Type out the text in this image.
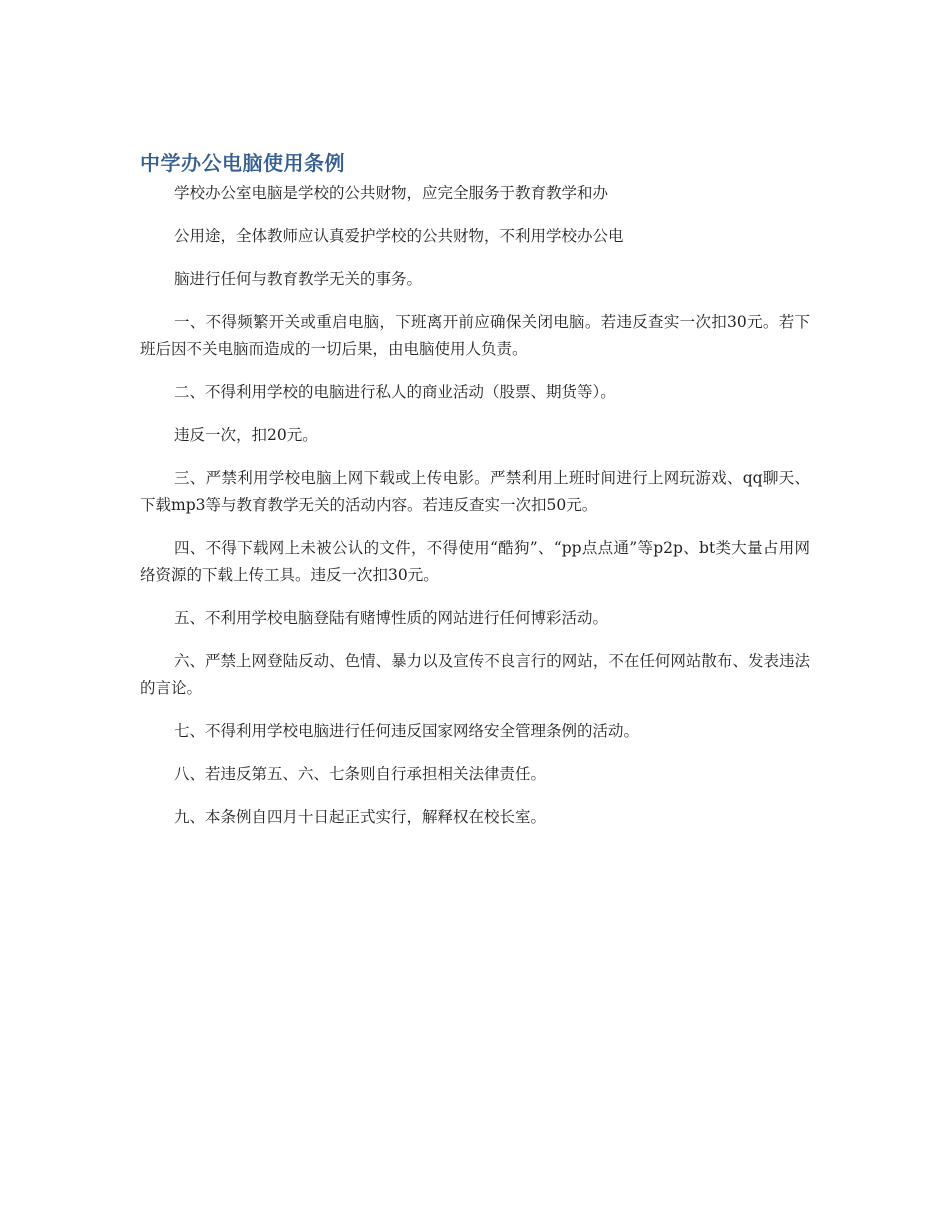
中学办公电脑使用条例

学校办公室电脑是学校的公共财物，应完全服务于教育教学和办

公用途，全体教师应认真爱护学校的公共财物，不利用学校办公电

脑进行任何与教育教学无关的事务。

一、不得频繁开关或重启电脑，下班离开前应确保关闭电脑。若违反查实一次扣30元。若下班后因不关电脑而造成的一切后果，由电脑使用人负责。

二、不得利用学校的电脑进行私人的商业活动（股票、期货等）。

违反一次，扣20元。

三、严禁利用学校电脑上网下载或上传电影。严禁利用上班时间进行上网玩游戏、qq聊天、下载mp3等与教育教学无关的活动内容。若违反查实一次扣50元。

四、不得下载网上未被公认的文件，不得使用“酷狗”、“pp点点通”等p2p、bt类大量占用网络资源的下载上传工具。违反一次扣30元。

五、不利用学校电脑登陆有赌博性质的网站进行任何博彩活动。

六、严禁上网登陆反动、色情、暴力以及宣传不良言行的网站，不在任何网站散布、发表违法的言论。

七、不得利用学校电脑进行任何违反国家网络安全管理条例的活动。

八、若违反第五、六、七条则自行承担相关法律责任。

九、本条例自四月十日起正式实行，解释权在校长室。
